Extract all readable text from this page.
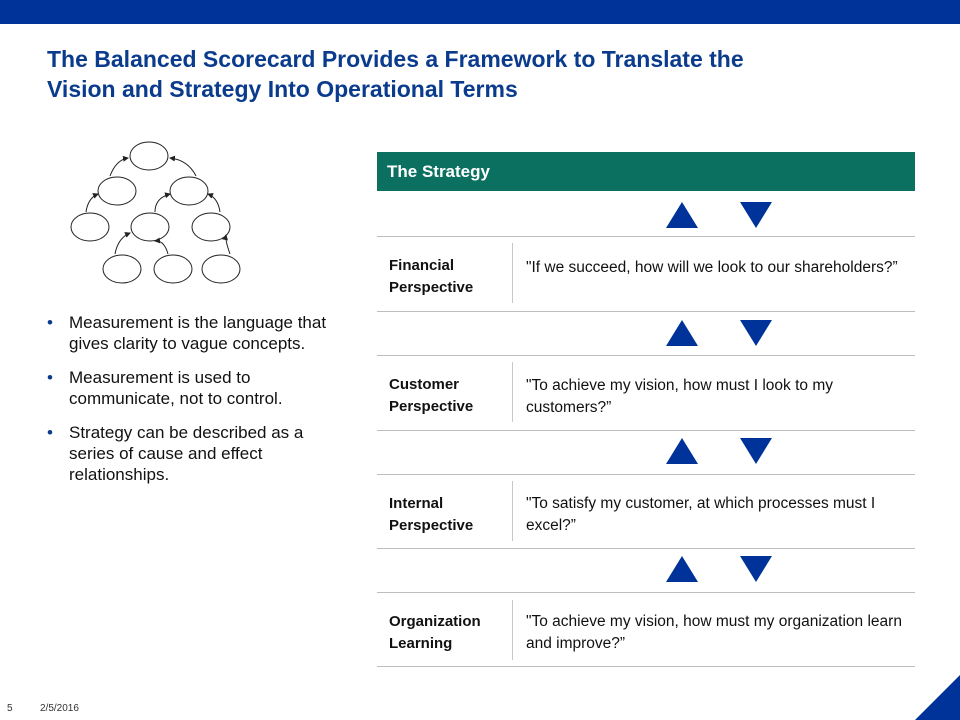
The Balanced Scorecard Provides a Framework to Translate the
Vision and Strategy Into Operational Terms
• Measurement is the language that gives clarity to vague concepts.
• Measurement is used to communicate, not to control.
• Strategy can be described as a series of cause and effect relationships.
The Strategy
Financial
Perspective
"If we succeed, how will we look to our shareholders?”
Customer
Perspective
"To achieve my vision, how must I look to my customers?”
Internal
Perspective
"To satisfy my customer, at which processes must I excel?”
Organization
Learning
"To achieve my vision, how must my organization learn and improve?”
5	2/5/2016
